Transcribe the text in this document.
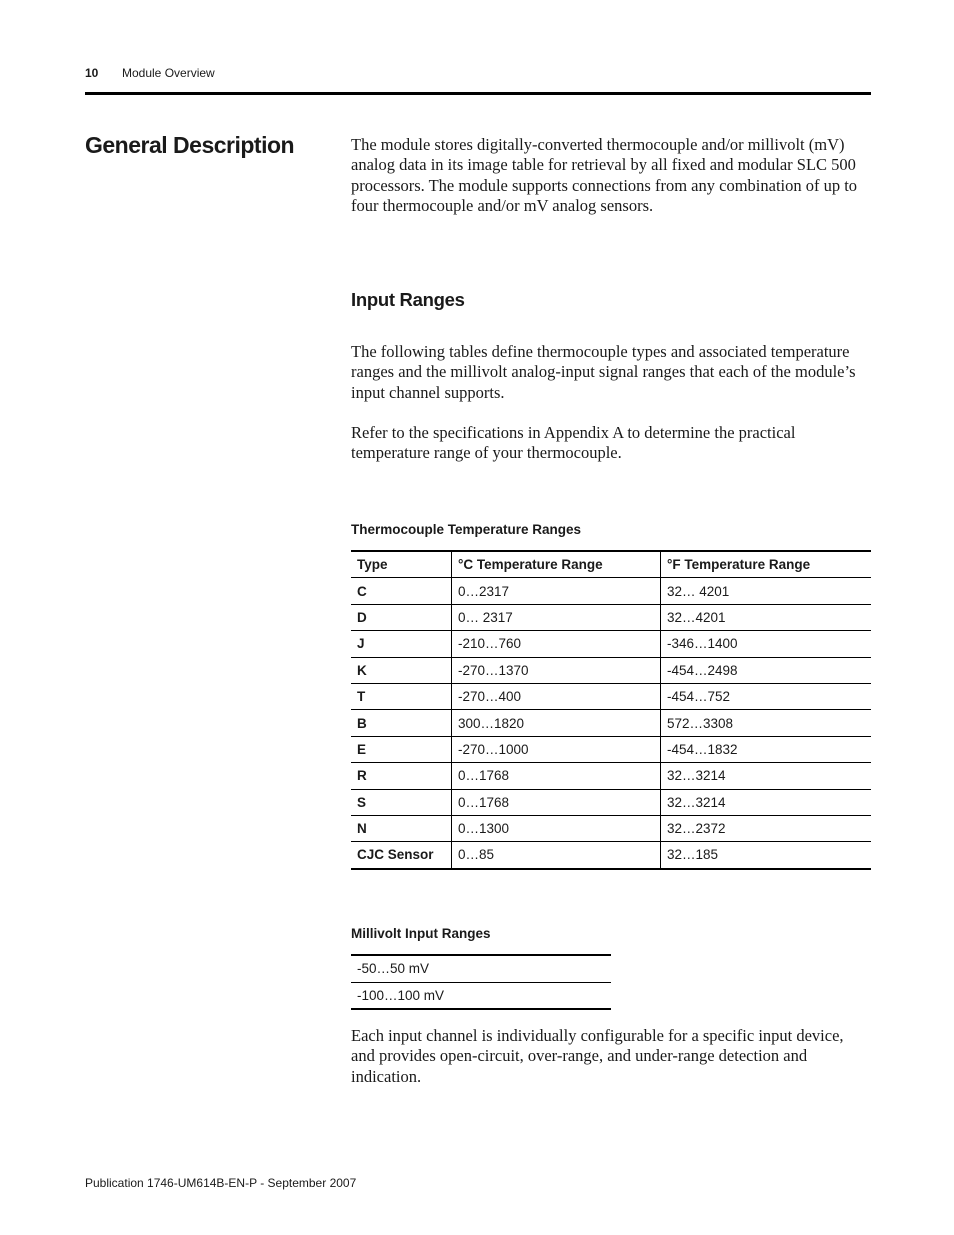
10 Module Overview
General Description	The module stores digitally-converted thermocouple and/or millivolt (mV) analog data in its image table for retrieval by all fixed and modular SLC 500 processors. The module supports connections from any combination of up to four thermocouple and/or mV analog sensors.

Input Ranges

The following tables define thermocouple types and associated temperature ranges and the millivolt analog-input signal ranges that each of the module’s input channel supports.

Refer to the specifications in Appendix A to determine the practical temperature range of your thermocouple.

Thermocouple Temperature Ranges
Type	°C Temperature Range	°F Temperature Range
C	0…2317	32… 4201
D	0… 2317	32…4201
J	-210…760	-346…1400
K	-270…1370	-454…2498
T	-270…400	-454…752
B	300…1820	572…3308
E	-270…1000	-454…1832
R	0…1768	32…3214
S	0…1768	32…3214
N	0…1300	32…2372
CJC Sensor	0…85	32…185
Millivolt Input Ranges
-50…50 mV
-100…100 mV

Each input channel is individually configurable for a specific input device, and provides open-circuit, over-range, and under-range detection and indication.

Publication 1746-UM614B-EN-P - September 2007
